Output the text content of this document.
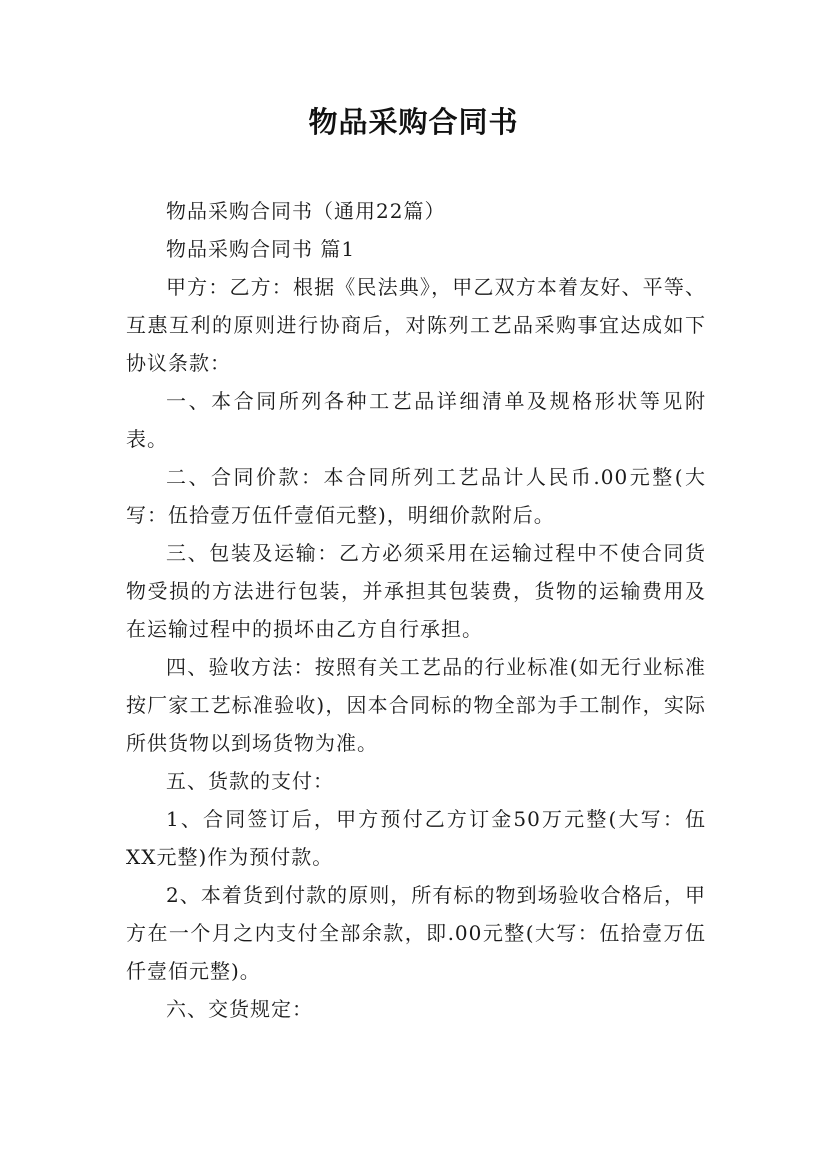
物品采购合同书

物品采购合同书（通用22篇）

物品采购合同书 篇1

甲方：乙方：根据《民法典》，甲乙双方本着友好、平等、互惠互利的原则进行协商后，对陈列工艺品采购事宜达成如下协议条款：

一、本合同所列各种工艺品详细清单及规格形状等见附表。

二、合同价款：本合同所列工艺品计人民币.00元整(大写：伍拾壹万伍仟壹佰元整)，明细价款附后。

三、包装及运输：乙方必须采用在运输过程中不使合同货物受损的方法进行包装，并承担其包装费，货物的运输费用及在运输过程中的损坏由乙方自行承担。

四、验收方法：按照有关工艺品的行业标准(如无行业标准按厂家工艺标准验收)，因本合同标的物全部为手工制作，实际所供货物以到场货物为准。

五、货款的支付：

1、合同签订后，甲方预付乙方订金50万元整(大写：伍XX元整)作为预付款。

2、本着货到付款的原则，所有标的物到场验收合格后，甲方在一个月之内支付全部余款，即.00元整(大写：伍拾壹万伍仟壹佰元整)。

六、交货规定：
